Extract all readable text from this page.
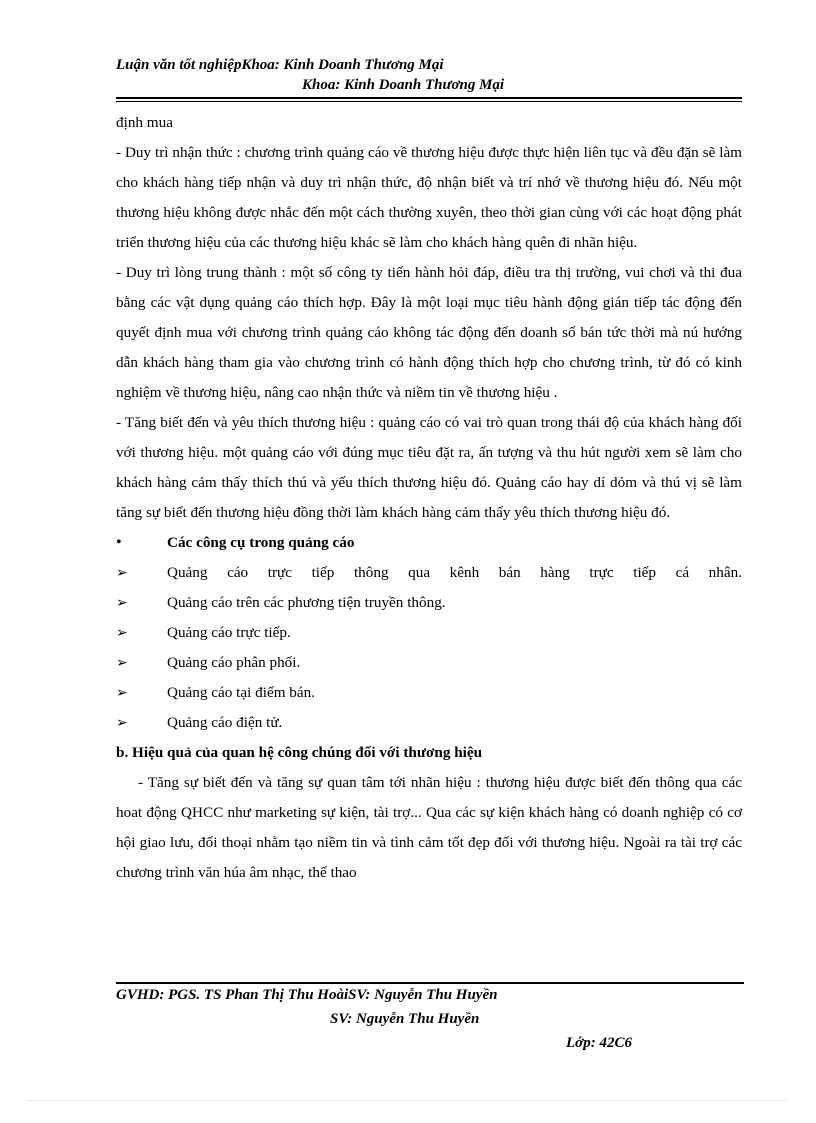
Luận văn tốt nghiệpKhoa: Kinh Doanh Thương Mại
Khoa: Kinh Doanh Thương Mại

định mua

- Duy trì nhận thức : chương trình quảng cáo về thương hiệu được thực hiện liên tục và đều đặn sẽ làm cho khách hàng tiếp nhận và duy trì nhận thức, độ nhận biết và trí nhớ về thương hiệu đó. Nếu một thương hiệu không được nhắc đến một cách thường xuyên, theo thời gian cùng với các hoạt động phát triển thương hiệu của các thương hiệu khác sẽ làm cho khách hàng quên đi nhãn hiệu.

- Duy trì lòng trung thành : một số công ty tiến hành hỏi đáp, điều tra thị trường, vui chơi và thi đua bằng các vật dụng quảng cáo thích hợp. Đây là một loại mục tiêu hành động gián tiếp tác động đến quyết định mua với chương trình quảng cáo không tác động đến doanh số bán tức thời mà nú hướng dẫn khách hàng tham gia vào chương trình có hành động thích hợp cho chương trình, từ đó có kinh nghiệm về thương hiệu, nâng cao nhận thức và niềm tin về thương hiệu .

- Tăng biết đến và yêu thích thương hiệu : quảng cáo có vai trò quan trong thái độ của khách hàng đối với thương hiệu. một quảng cáo với đúng mục tiêu đặt ra, ấn tượng và thu hút người xem sẽ làm cho khách hàng cảm thấy thích thú và yếu thích thương hiệu đó. Quảng cáo hay dí dỏm và thú vị sẽ làm tăng sự biết đến thương hiệu đồng thời làm khách hàng cảm thấy yêu thích thương hiệu đó.

•	Các công cụ trong quảng cáo
➢	Quảng cáo trực tiếp thông qua kênh bán hàng trực tiếp cá nhân.
➢	Quảng cáo trên các phương tiện truyền thông.
➢	Quảng cáo trực tiếp.
➢	Quảng cáo phân phối.
➢	Quảng cáo tại điểm bán.
➢	Quảng cáo điện tử.

b. Hiệu quả của quan hệ công chúng đối với thương hiệu

- Tăng sự biết đến và tăng sự quan tâm tới nhãn hiệu : thương hiệu được biết đến thông qua các hoat động QHCC như marketing sự kiện, tài trợ... Qua các sự kiện khách hàng có doanh nghiệp có cơ hội giao lưu, đối thoại nhằm tạo niềm tin và tình cảm tốt đẹp đối với thương hiệu. Ngoài ra tài trợ các chương trình văn húa âm nhạc, thể thao

GVHD: PGS. TS Phan Thị Thu HoàiSV: Nguyễn Thu Huyền
SV: Nguyễn Thu Huyền
Lớp: 42C6
